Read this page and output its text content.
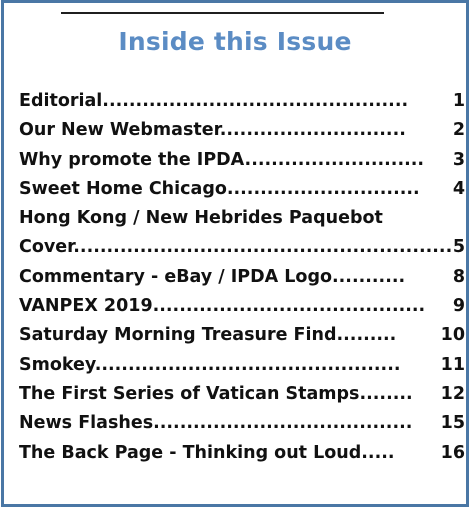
Inside this Issue
Editorial..............................................	1
Our New Webmaster............................	2
Why promote the IPDA...........................	3
Sweet Home Chicago.............................	4
Hong Kong / New Hebrides Paquebot
Cover......................................................... 5
Commentary - eBay / IPDA Logo...........	8
VANPEX 2019.........................................	9
Saturday Morning Treasure Find.........	10
Smokey.............................................. 11
The First Series of Vatican Stamps........ 12
News Flashes....................................... 15
The Back Page - Thinking out Loud.....	16
